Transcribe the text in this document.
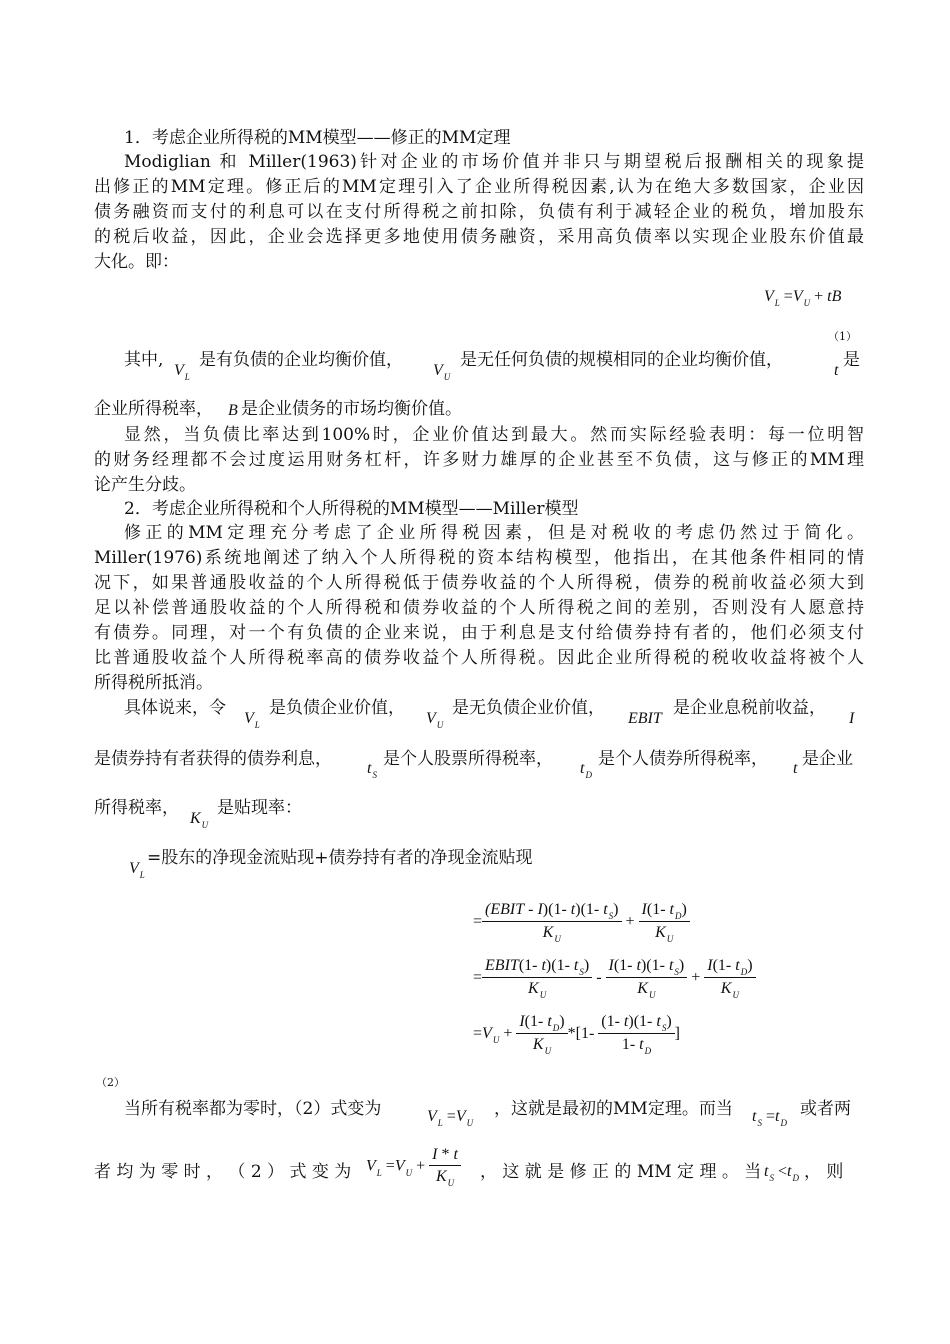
1．考虑企业所得税的MM模型——修正的MM定理
Modiglian 和 Miller(1963)针对企业的市场价值并非只与期望税后报酬相关的现象提
出修正的MM定理。修正后的MM定理引入了企业所得税因素,认为在绝大多数国家，企业因
债务融资而支付的利息可以在支付所得税之前扣除，负债有利于减轻企业的税负，增加股东
的税后收益，因此，企业会选择更多地使用债务融资，采用高负债率以实现企业股东价值最
大化。即：
$V_L =V_U$ + tB
（1）
其中,
$V_L$
是有负债的企业均衡价值，
$V_U$
是无任何负债的规模相同的企业均衡价值，
t
是
企业所得税率， B 是企业债务的市场均衡价值。
显然，当负债比率达到100%时，企业价值达到最大。然而实际经验表明：每一位明智
的财务经理都不会过度运用财务杠杆，许多财力雄厚的企业甚至不负债，这与修正的MM理
论产生分歧。
2．考虑企业所得税和个人所得税的MM模型——Miller模型
修正的MM定理充分考虑了企业所得税因素，但是对税收的考虑仍然过于简化。
Miller(1976)系统地阐述了纳入个人所得税的资本结构模型，他指出，在其他条件相同的情
况下，如果普通股收益的个人所得税低于债券收益的个人所得税，债券的税前收益必须大到
足以补偿普通股收益的个人所得税和债券收益的个人所得税之间的差别，否则没有人愿意持
有债券。同理，对一个有负债的企业来说，由于利息是支付给债券持有者的，他们必须支付
比普通股收益个人所得税率高的债券收益个人所得税。因此企业所得税的税收收益将被个人
所得税所抵消。
具体说来，令
$V_L$
是负债企业价值，
$V_U$
是无负债企业价值，
EBIT
是企业息税前收益，
I
是债券持有者获得的债券利息， $t_S$
是个人股票所得税率， $t_D$
是个人债券所得税率， t 是企业
所得税率，
$K_U$
是贴现率：
$V_L$
=股东的净现金流贴现+债券持有者的净现金流贴现
= $\frac{(EBIT - I)(1- t)(1- t_S)}{K_U} + \frac{I(1- t_D)}{K_U}$
= $\frac{EBIT(1- t)(1- t_S)}{K_U} - \frac{I(1- t)(1- t_S)}{K_U} + \frac{I(1- t_D)}{K_U}$
$=V_U + \frac{I(1- t_D)}{K_U} *[1- \frac{(1- t)(1- t_S)}{1- t_D}$ ]
（2）
当所有税率都为零时，（2）式变为	$V_L =V_U$
，这就是最初的MM定理。而当 $t_S =t_D$
或者两
者 均 为 零 时 ， （ 2 ） 式 变 为 $V_L =V_U + \frac{I * t}{K_U}$ ， 这 就 是 修 正 的 MM 定 理 。 当 $t_S <t_D$ ， 则
